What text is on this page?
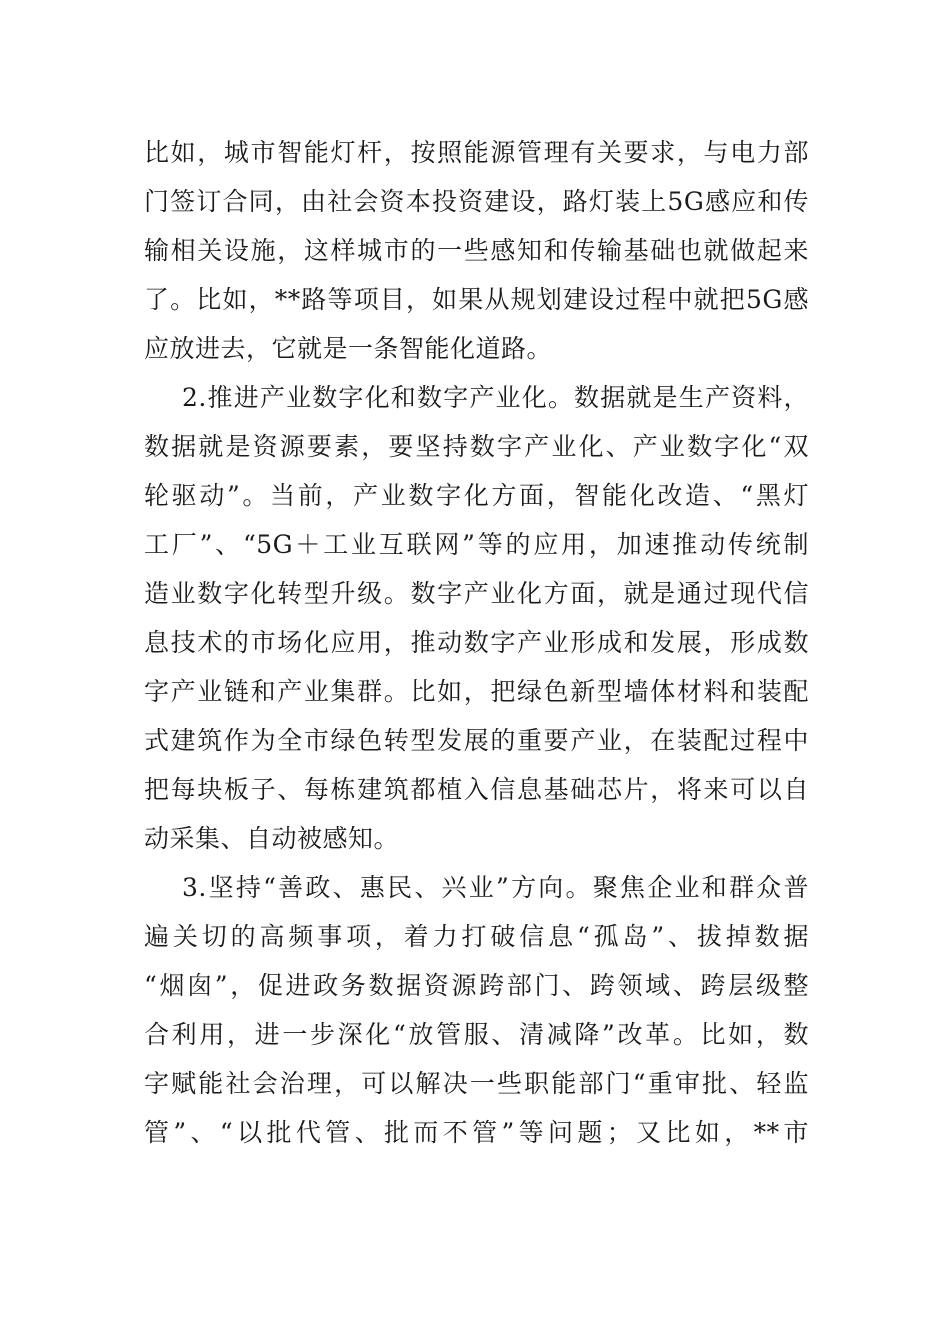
比如，城市智能灯杆，按照能源管理有关要求，与电力部
门签订合同，由社会资本投资建设，路灯装上5G感应和传
输相关设施，这样城市的一些感知和传输基础也就做起来
了。比如，**路等项目，如果从规划建设过程中就把5G感
应放进去，它就是一条智能化道路。
2.推进产业数字化和数字产业化。数据就是生产资料，
数据就是资源要素，要坚持数字产业化、产业数字化“双
轮驱动”。当前，产业数字化方面，智能化改造、“黑灯
工厂”、“5G＋工业互联网”等的应用，加速推动传统制
造业数字化转型升级。数字产业化方面，就是通过现代信
息技术的市场化应用，推动数字产业形成和发展，形成数
字产业链和产业集群。比如，把绿色新型墙体材料和装配
式建筑作为全市绿色转型发展的重要产业，在装配过程中
把每块板子、每栋建筑都植入信息基础芯片，将来可以自
动采集、自动被感知。
3.坚持“善政、惠民、兴业”方向。聚焦企业和群众普
遍关切的高频事项，着力打破信息“孤岛”、拔掉数据
“烟囱”，促进政务数据资源跨部门、跨领域、跨层级整
合利用，进一步深化“放管服、清减降”改革。比如，数
字赋能社会治理，可以解决一些职能部门“重审批、轻监
管”、“以批代管、批而不管”等问题；又比如，**市
